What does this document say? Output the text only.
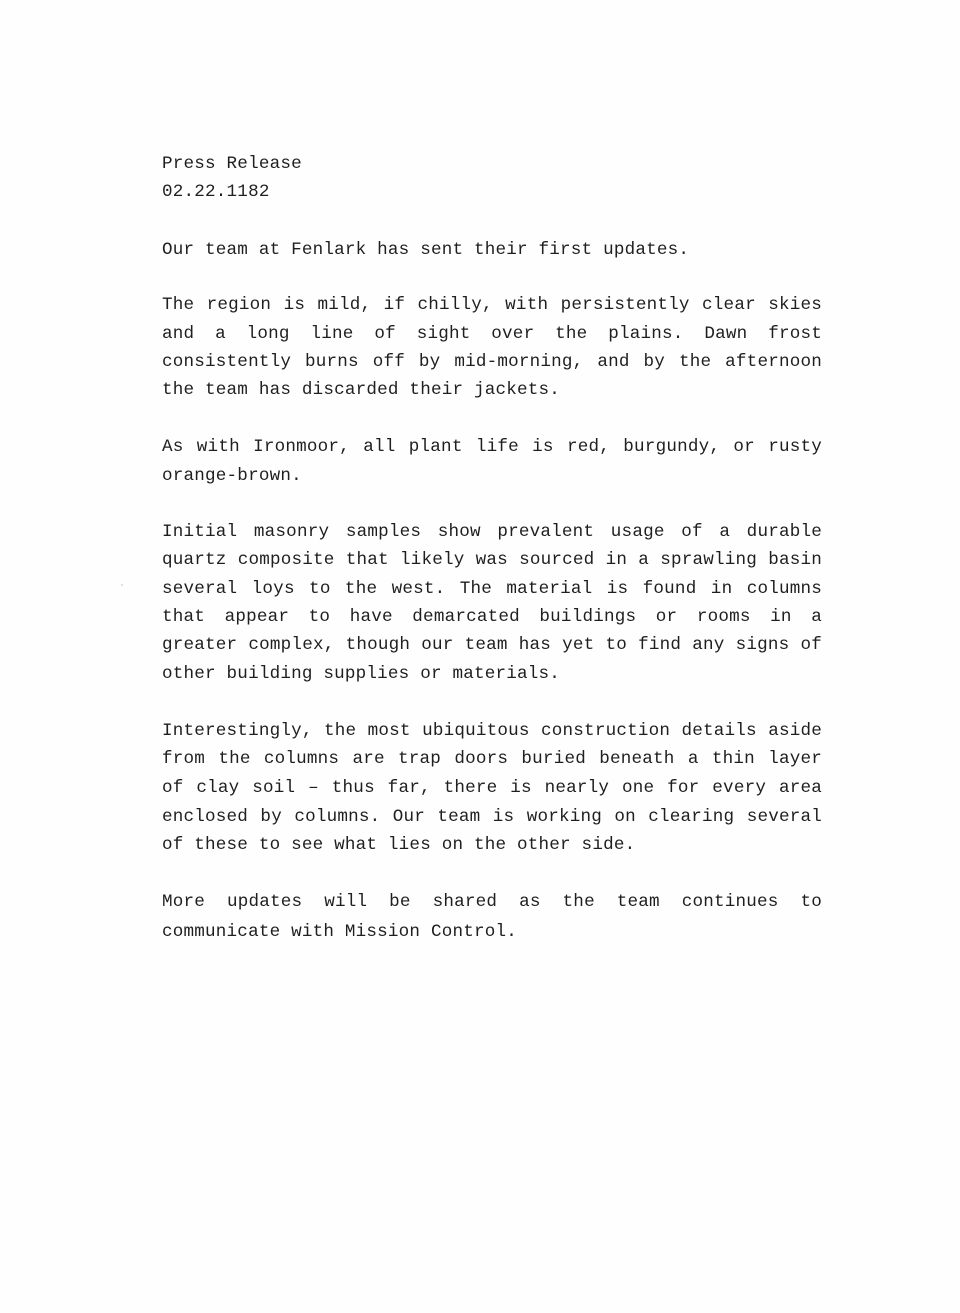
Press Release
02.22.1182

Our team at Fenlark has sent their first updates.

The region is mild, if chilly, with persistently clear skies and a long line of sight over the plains. Dawn frost consistently burns off by mid-morning, and by the afternoon the team has discarded their jackets.

As with Ironmoor, all plant life is red, burgundy, or rusty orange-brown.

Initial masonry samples show prevalent usage of a durable quartz composite that likely was sourced in a sprawling basin several loys to the west. The material is found in columns that appear to have demarcated buildings or rooms in a greater complex, though our team has yet to find any signs of other building supplies or materials.

Interestingly, the most ubiquitous construction details aside from the columns are trap doors buried beneath a thin layer of clay soil – thus far, there is nearly one for every area enclosed by columns. Our team is working on clearing several of these to see what lies on the other side.

More updates will be shared as the team continues to communicate with Mission Control.
